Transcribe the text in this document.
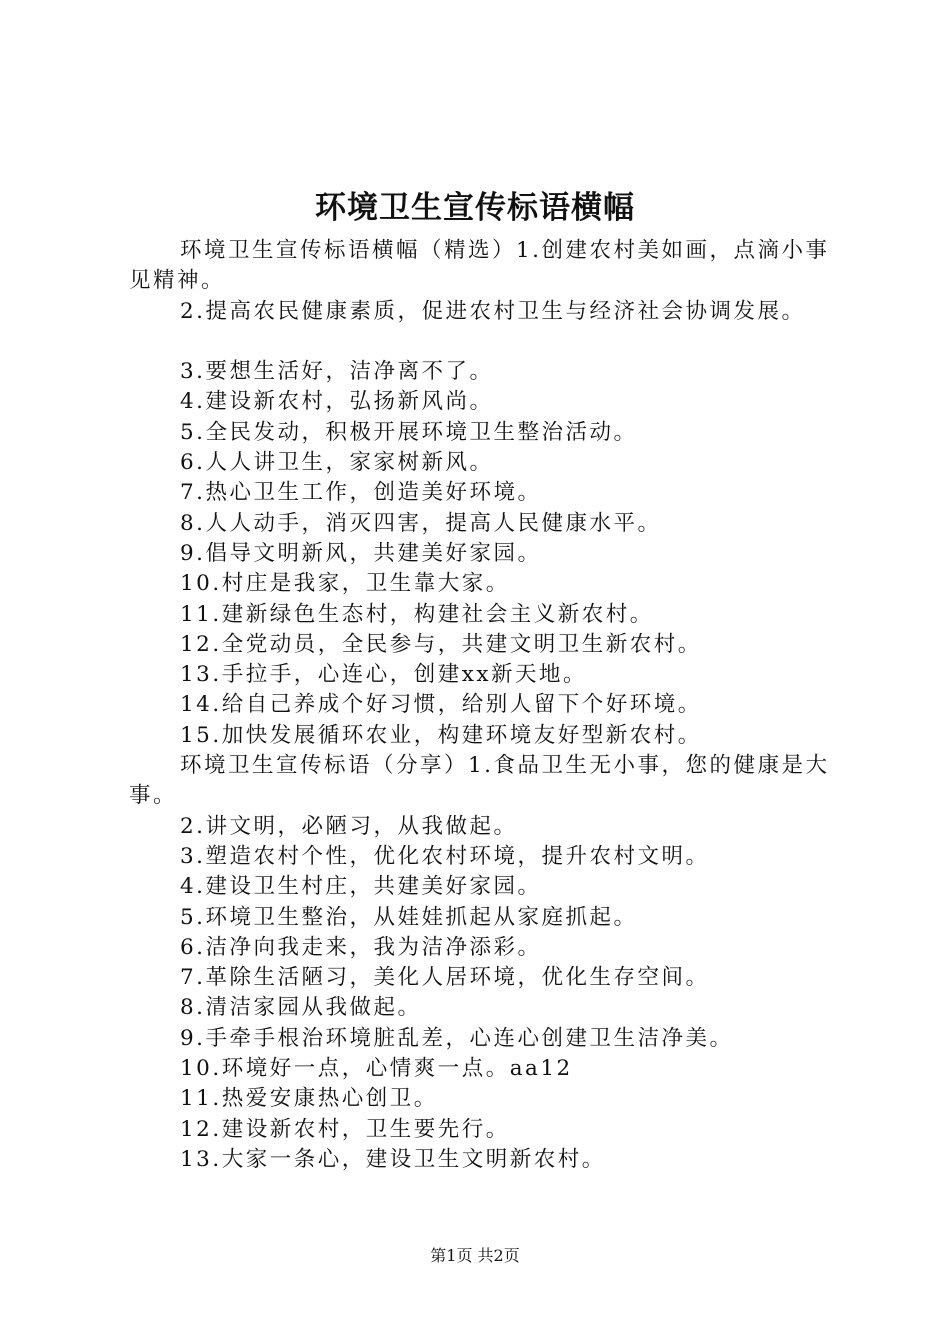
环境卫生宣传标语横幅

环境卫生宣传标语横幅（精选）1.创建农村美如画，点滴小事见精神。

2.提高农民健康素质，促进农村卫生与经济社会协调发展。

3.要想生活好，洁净离不了。

4.建设新农村，弘扬新风尚。

5.全民发动，积极开展环境卫生整治活动。

6.人人讲卫生，家家树新风。

7.热心卫生工作，创造美好环境。

8.人人动手，消灭四害，提高人民健康水平。

9.倡导文明新风，共建美好家园。

10.村庄是我家，卫生靠大家。

11.建新绿色生态村，构建社会主义新农村。

12.全党动员，全民参与，共建文明卫生新农村。

13.手拉手，心连心，创建xx新天地。

14.给自己养成个好习惯，给别人留下个好环境。

15.加快发展循环农业，构建环境友好型新农村。

环境卫生宣传标语（分享）1.食品卫生无小事，您的健康是大事。

2.讲文明，必陋习，从我做起。

3.塑造农村个性，优化农村环境，提升农村文明。

4.建设卫生村庄，共建美好家园。

5.环境卫生整治，从娃娃抓起从家庭抓起。

6.洁净向我走来，我为洁净添彩。

7.革除生活陋习，美化人居环境，优化生存空间。

8.清洁家园从我做起。

9.手牵手根治环境脏乱差，心连心创建卫生洁净美。

10.环境好一点，心情爽一点。aa12

11.热爱安康热心创卫。

12.建设新农村，卫生要先行。

13.大家一条心，建设卫生文明新农村。

第1页 共2页
